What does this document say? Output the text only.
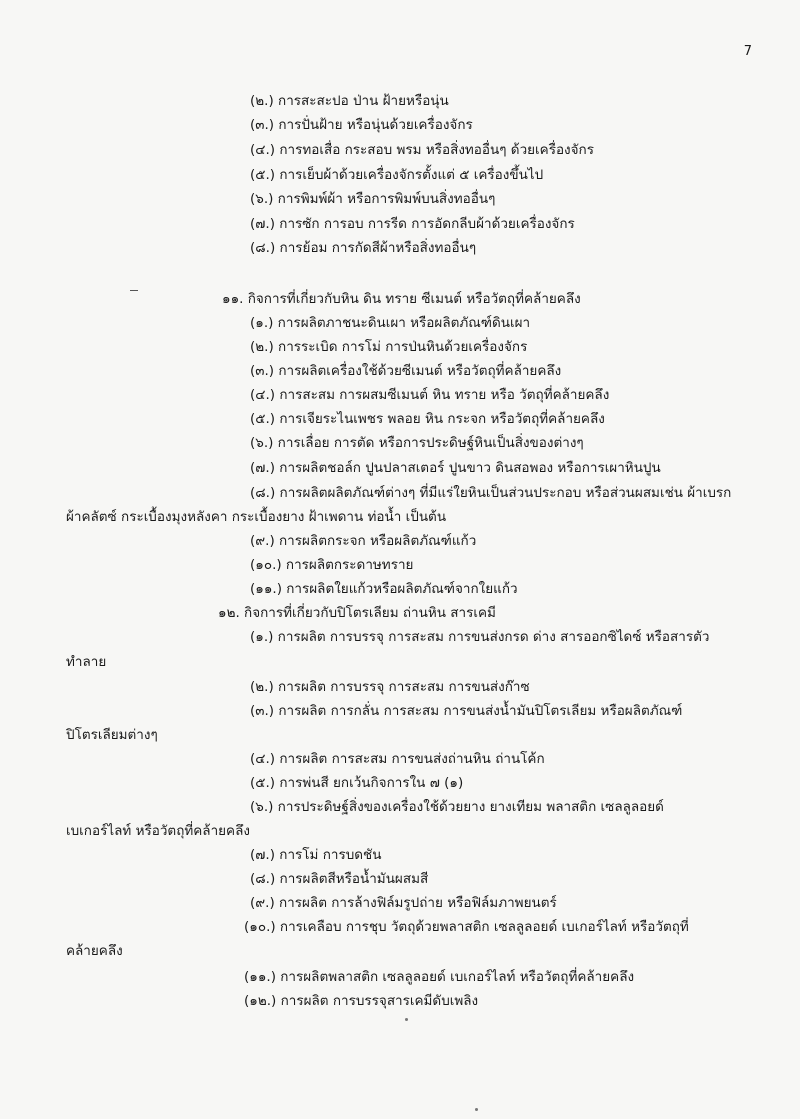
7
(๒.) การสะสะปอ ป่าน ฝ้ายหรือนุ่น
(๓.) การปั่นฝ้าย หรือนุ่นด้วยเครื่องจักร
(๔.) การทอเสื่อ กระสอบ พรม หรือสิ่งทออื่นๆ ด้วยเครื่องจักร
(๕.) การเย็บผ้าด้วยเครื่องจักรตั้งแต่ ๕ เครื่องขึ้นไป
(๖.) การพิมพ์ผ้า หรือการพิมพ์บนสิ่งทออื่นๆ
(๗.) การซัก การอบ การรีด การอัดกลีบผ้าด้วยเครื่องจักร
(๘.) การย้อม การกัดสีผ้าหรือสิ่งทออื่นๆ
๑๑. กิจการที่เกี่ยวกับหิน ดิน ทราย ซีเมนต์ หรือวัตถุที่คล้ายคลึง
(๑.) การผลิตภาชนะดินเผา หรือผลิตภัณฑ์ดินเผา
(๒.) การระเบิด การโม่ การป่นหินด้วยเครื่องจักร
(๓.) การผลิตเครื่องใช้ด้วยซีเมนต์ หรือวัตถุที่คล้ายคลึง
(๔.) การสะสม การผสมซีเมนต์ หิน ทราย หรือ วัตถุที่คล้ายคลึง
(๕.) การเจียระไนเพชร พลอย หิน กระจก หรือวัตถุที่คล้ายคลึง
(๖.) การเลื่อย การตัด หรือการประดิษฐ์หินเป็นสิ่งของต่างๆ
(๗.) การผลิตชอล์ก ปูนปลาสเตอร์ ปูนขาว ดินสอพอง หรือการเผาหินปูน
(๘.) การผลิตผลิตภัณฑ์ต่างๆ ที่มีแร่ใยหินเป็นส่วนประกอบ หรือส่วนผสมเช่น ผ้าเบรก
ผ้าคลัตซ์ กระเบื้องมุงหลังคา กระเบื้องยาง ฝ้าเพดาน ท่อน้ำ เป็นต้น
(๙.) การผลิตกระจก หรือผลิตภัณฑ์แก้ว
(๑๐.) การผลิตกระดาษทราย
(๑๑.) การผลิตใยแก้วหรือผลิตภัณฑ์จากใยแก้ว
๑๒. กิจการที่เกี่ยวกับปิโตรเลียม ถ่านหิน สารเคมี
(๑.) การผลิต การบรรจุ การสะสม การขนส่งกรด ด่าง สารออกซิไดซ์ หรือสารตัว
ทำลาย
(๒.) การผลิต การบรรจุ การสะสม การขนส่งก๊าซ
(๓.) การผลิต การกลั่น การสะสม การขนส่งน้ำมันปิโตรเลียม หรือผลิตภัณฑ์
ปิโตรเลียมต่างๆ
(๔.) การผลิต การสะสม การขนส่งถ่านหิน ถ่านโค้ก
(๕.) การพ่นสี ยกเว้นกิจการใน ๗ (๑)
(๖.) การประดิษฐ์สิ่งของเครื่องใช้ด้วยยาง ยางเทียม พลาสติก เซลลูลอยด์
เบเกอร์ไลท์ หรือวัตถุที่คล้ายคลึง
(๗.) การโม่ การบดชัน
(๘.) การผลิตสีหรือน้ำมันผสมสี
(๙.) การผลิต การล้างฟิล์มรูปถ่าย หรือฟิล์มภาพยนตร์
(๑๐.) การเคลือบ การชุบ วัตถุด้วยพลาสติก เซลลูลอยด์ เบเกอร์ไลท์ หรือวัตถุที่
คล้ายคลึง
(๑๑.) การผลิตพลาสติก เซลลูลอยด์ เบเกอร์ไลท์ หรือวัตถุที่คล้ายคลึง
(๑๒.) การผลิต การบรรจุสารเคมีดับเพลิง
